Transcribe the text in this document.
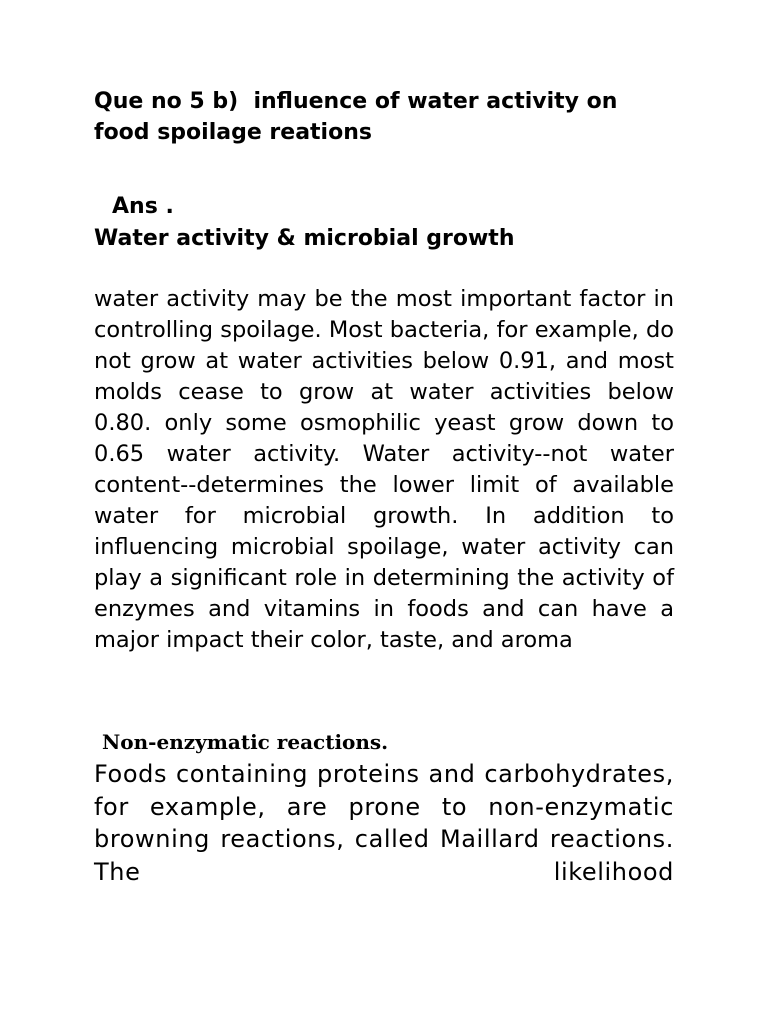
Que no 5 b)  influence of water activity on food spoilage reations

Ans .
Water activity & microbial growth

water activity may be the most important factor in controlling spoilage. Most bacteria, for example, do not grow at water activities below 0.91, and most molds cease to grow at water activities below 0.80. only some osmophilic yeast grow down to 0.65 water activity. Water activity--not water content--determines the lower limit of available water for microbial growth. In addition to influencing microbial spoilage, water activity can play a significant role in determining the activity of enzymes and vitamins in foods and can have a major impact their color, taste, and aroma

Non-enzymatic reactions.

Foods containing proteins and carbohydrates, for example, are prone to non-enzymatic browning reactions, called Maillard reactions. The likelihood
